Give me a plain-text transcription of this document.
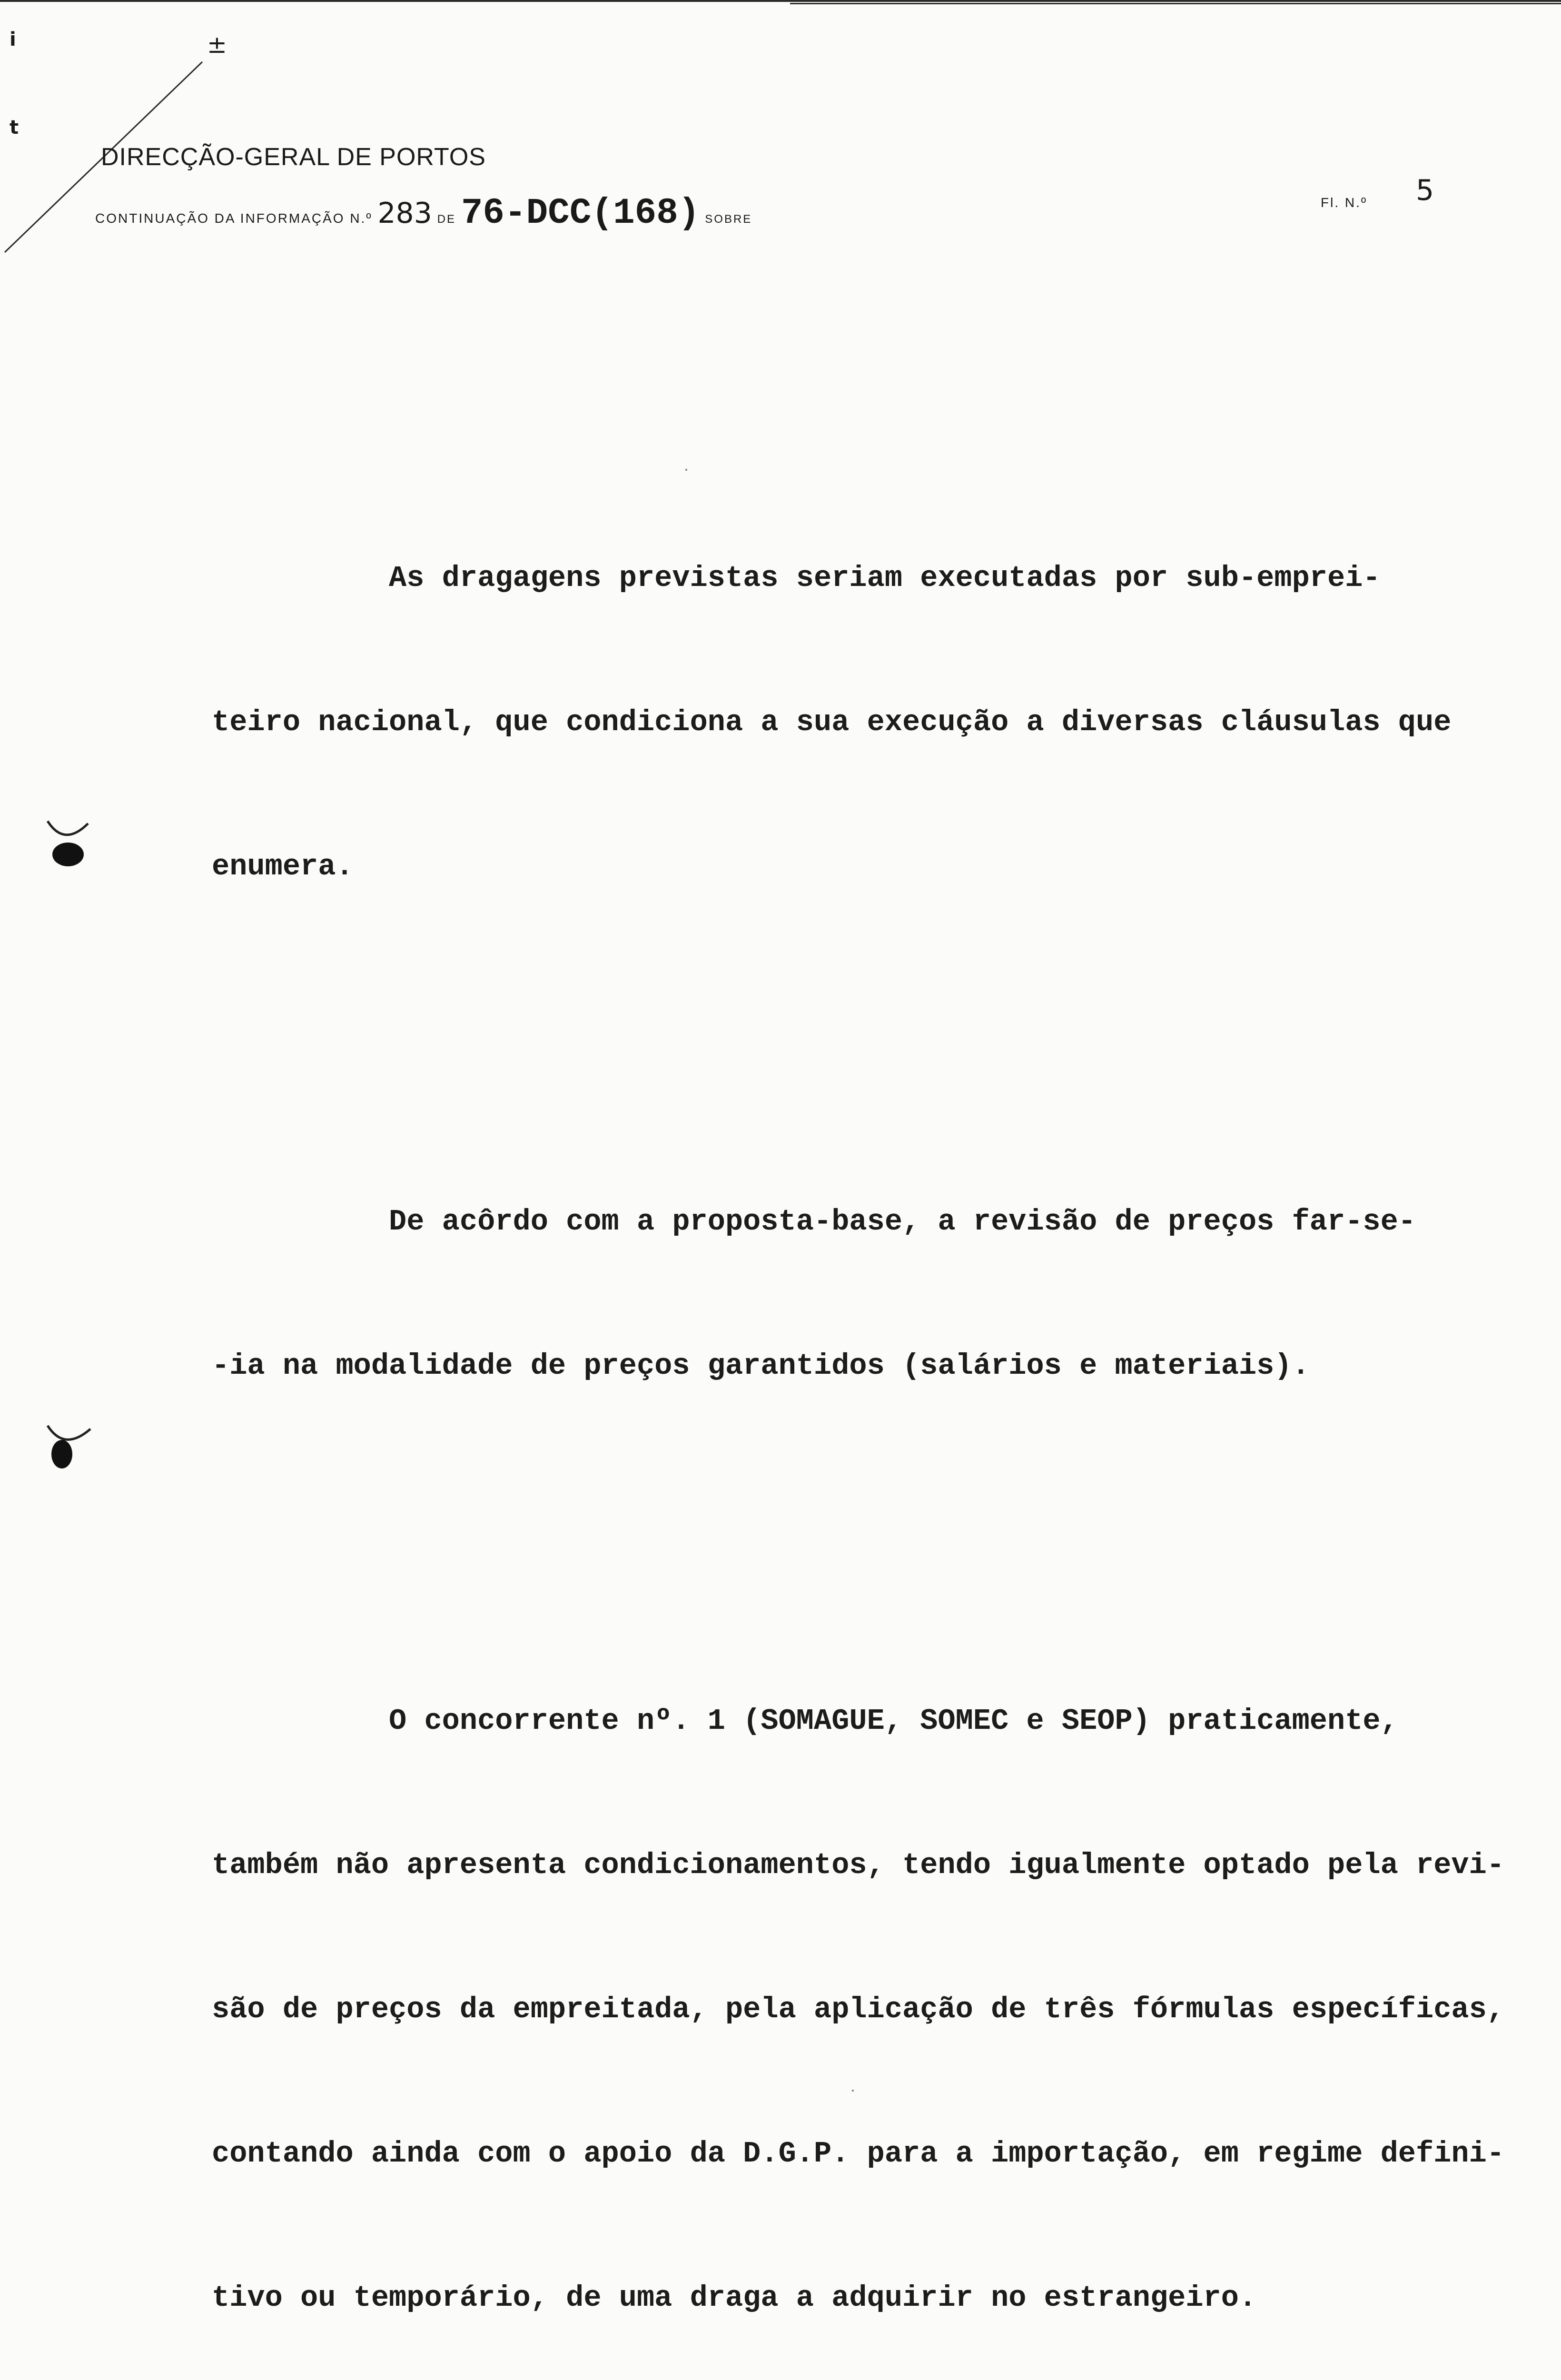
i
t
±
DIRECÇÃO-GERAL DE PORTOS
CONTINUAÇÃO DA INFORMAÇÃO N.º 283 DE 76-DCC(168) SOBRE
Fl. N.º 5

As dragagens previstas seriam executadas por sub-emprei-

teiro nacional, que condiciona a sua execução a diversas cláusulas que

enumera.

De acôrdo com a proposta-base, a revisão de preços far-se-

-ia na modalidade de preços garantidos (salários e materiais).

O concorrente nº. 1 (SOMAGUE, SOMEC e SEOP) praticamente,

também não apresenta condicionamentos, tendo igualmente optado pela revi-

são de preços da empreitada, pela aplicação de três fórmulas específicas,

contando ainda com o apoio da D.G.P. para a importação, em regime defini-

tivo ou temporário, de uma draga a adquirir no estrangeiro.
